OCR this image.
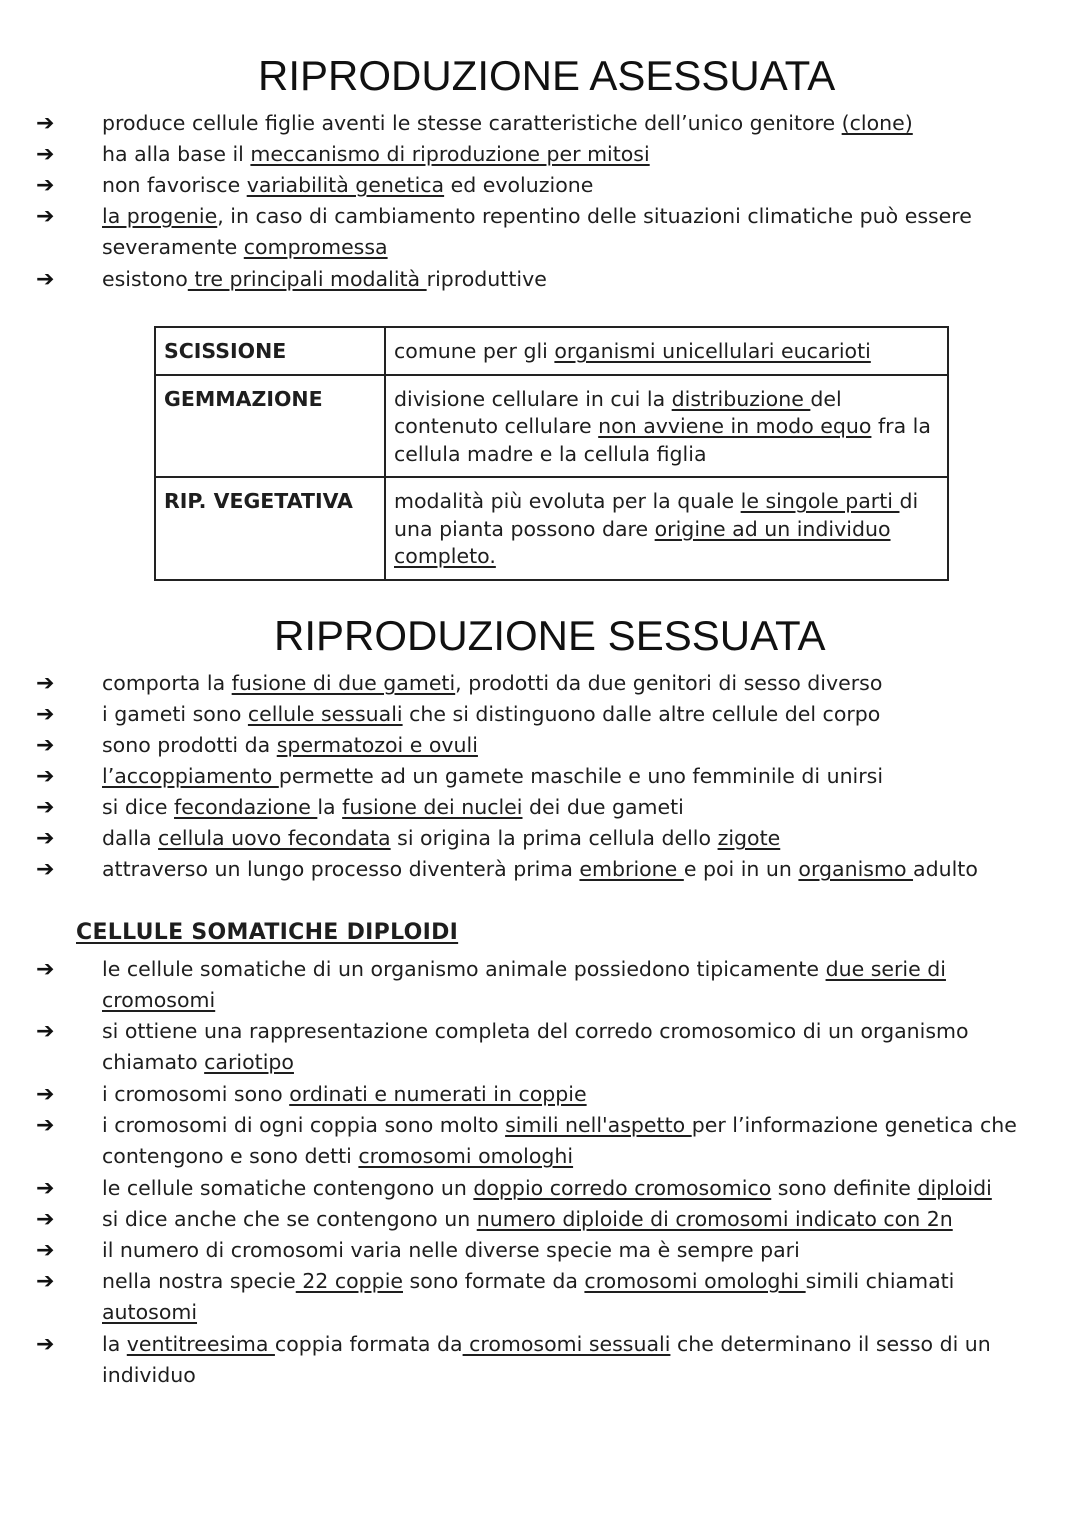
RIPRODUZIONE ASESSUATA
➔	produce cellule figlie aventi le stesse caratteristiche dell’unico genitore (clone)
➔	ha alla base il meccanismo di riproduzione per mitosi
➔	non favorisce variabilità genetica ed evoluzione
➔	la progenie, in caso di cambiamento repentino delle situazioni climatiche può essere severamente compromessa
➔	esistono tre principali modalità riproduttive
SCISSIONE	comune per gli organismi unicellulari eucarioti
GEMMAZIONE	divisione cellulare in cui la distribuzione del contenuto cellulare non avviene in modo equo fra la cellula madre e la cellula figlia
RIP. VEGETATIVA	modalità più evoluta per la quale le singole parti di una pianta possono dare origine ad un individuo completo.
RIPRODUZIONE SESSUATA
➔	comporta la fusione di due gameti, prodotti da due genitori di sesso diverso
➔	i gameti sono cellule sessuali che si distinguono dalle altre cellule del corpo
➔	sono prodotti da spermatozoi e ovuli
➔	l’accoppiamento permette ad un gamete maschile e uno femminile di unirsi
➔	si dice fecondazione la fusione dei nuclei dei due gameti
➔	dalla cellula uovo fecondata si origina la prima cellula dello zigote
➔	attraverso un lungo processo diventerà prima embrione e poi in un organismo adulto
CELLULE SOMATICHE DIPLOIDI
➔	le cellule somatiche di un organismo animale possiedono tipicamente due serie di cromosomi
➔	si ottiene una rappresentazione completa del corredo cromosomico di un organismo chiamato cariotipo
➔	i cromosomi sono ordinati e numerati in coppie
➔	i cromosomi di ogni coppia sono molto simili nell'aspetto per l’informazione genetica che contengono e sono detti cromosomi omologhi
➔	le cellule somatiche contengono un doppio corredo cromosomico sono definite diploidi
➔	si dice anche che se contengono un numero diploide di cromosomi indicato con 2n
➔	il numero di cromosomi varia nelle diverse specie ma è sempre pari
➔	nella nostra specie 22 coppie sono formate da cromosomi omologhi simili chiamati autosomi
➔	la ventitreesima coppia formata da cromosomi sessuali che determinano il sesso di un individuo
